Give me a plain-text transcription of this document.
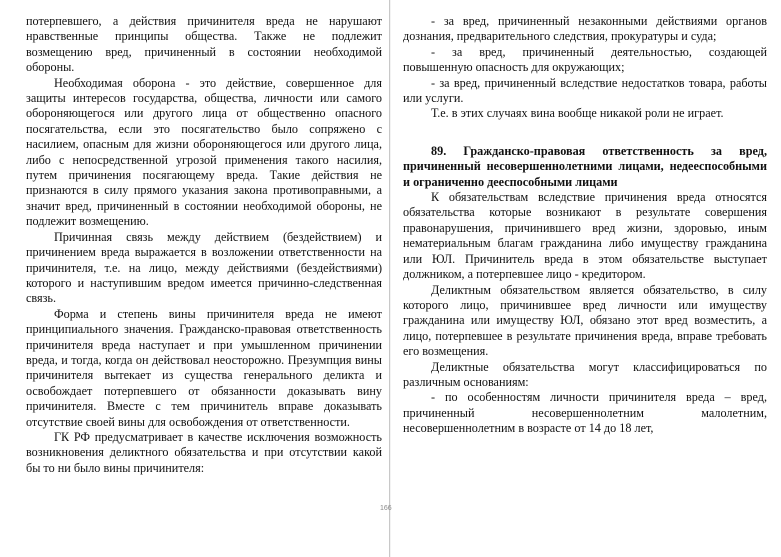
потерпевшего, а действия причинителя вреда не нарушают нравственные принципы общества. Также не подлежит возмещению вред, причиненный в состоянии необходимой обороны.

Необходимая оборона - это действие, совершенное для защиты интересов государства, общества, личности или самого обороняющегося или другого лица от общественно опасного посягательства, если это посягательство было сопряжено с насилием, опасным для жизни обороняющегося или другого лица, либо с непосредственной угрозой применения такого насилия, путем причинения посягающему вреда. Такие действия не признаются в силу прямого указания закона противоправными, а значит вред, причиненный в состоянии необходимой обороны, не подлежит возмещению.

Причинная связь между действием (бездействием) и причинением вреда выражается в возложении ответственности на причинителя, т.е. на лицо, между действиями (бездействиями) которого и наступившим вредом имеется причинно-следственная связь.

Форма и степень вины причинителя вреда не имеют принципиального значения. Гражданско-правовая ответственность причинителя вреда наступает и при умышленном причинении вреда, и тогда, когда он действовал неосторожно. Презумпция вины причинителя вытекает из существа генерального деликта и освобождает потерпевшего от обязанности доказывать вину причинителя. Вместе с тем причинитель вправе доказывать отсутствие своей вины для освобождения от ответственности.

ГК РФ предусматривает в качестве исключения возможность возникновения деликтного обязательства и при отсутствии какой бы то ни было вины причинителя:

- за вред, причиненный незаконными действиями органов дознания, предварительного следствия, прокуратуры и суда;

- за вред, причиненный деятельностью, создающей повышенную опасность для окружающих;

- за вред, причиненный вследствие недостатков товара, работы или услуги.

Т.е. в этих случаях вина вообще никакой роли не играет.

89. Гражданско-правовая ответственность за вред, причиненный несовершеннолетними лицами, недееспособными и ограниченно дееспособными лицами

К обязательствам вследствие причинения вреда относятся обязательства которые возникают в результате совершения правонарушения, причинившего вред жизни, здоровью, иным нематериальным благам гражданина либо имуществу гражданина или ЮЛ. Причинитель вреда в этом обязательстве выступает должником, а потерпевшее лицо - кредитором.

Деликтным обязательством является обязательство, в силу которого лицо, причинившее вред личности или имуществу гражданина или имуществу ЮЛ, обязано этот вред возместить, а лицо, потерпевшее в результате причинения вреда, вправе требовать его возмещения.

Деликтные обязательства могут классифицироваться по различным основаниям:

- по особенностям личности причинителя вреда – вред, причиненный несовершеннолетним малолетним, несовершеннолетним в возрасте от 14 до 18 лет,

166
